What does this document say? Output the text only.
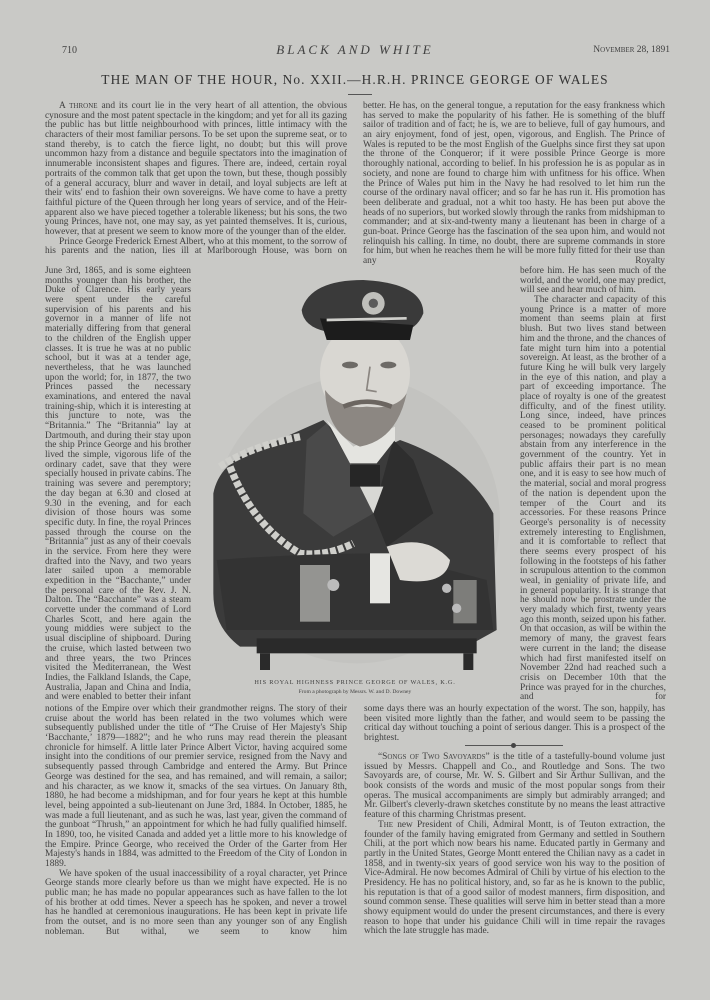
710	BLACK AND WHITE	November 28, 1891
THE MAN OF THE HOUR, No. XXII.—H.R.H. PRINCE GEORGE OF WALES

A throne and its court lie in the very heart of all attention, the obvious cynosure and the most patent spectacle in the kingdom; and yet for all its gazing the public has but little neighbourhood with princes, little intimacy with the characters of their most familiar persons. To be set upon the supreme seat, or to stand thereby, is to catch the fierce light, no doubt; but this will prove uncommon hazy from a distance and beguile spectators into the imagination of innumerable inconsistent shapes and figures. There are, indeed, certain royal portraits of the common talk that get upon the town, but these, though possibly of a general accuracy, blurr and waver in detail, and loyal subjects are left at their wits' end to fashion their own sovereigns. We have come to have a pretty faithful picture of the Queen through her long years of service, and of the Heir-apparent also we have pieced together a tolerable likeness; but his sons, the two young Princes, have not, one may say, as yet painted themselves. It is, curious, however, that at present we seem to know more of the younger than of the elder.

Prince George Frederick Ernest Albert, who at this moment, to the sorrow of his parents and the nation, lies ill at Marlborough House, was born on

June 3rd, 1865, and is some eighteen months younger than his brother, the Duke of Clarence. His early years were spent under the careful supervision of his parents and his governor in a manner of life not materially differing from that general to the children of the English upper classes. It is true he was at no public school, but it was at a tender age, nevertheless, that he was launched upon the world; for, in 1877, the two Princes passed the necessary examinations, and entered the naval training-ship, which it is interesting at this juncture to note, was the “Britannia.” The “Britannia” lay at Dartmouth, and during their stay upon the ship Prince George and his brother lived the simple, vigorous life of the ordinary cadet, save that they were specially housed in private cabins. The training was severe and peremptory; the day began at 6.30 and closed at 9.30 in the evening, and for each division of those hours was some specific duty. In fine, the royal Princes passed through the course on the “Britannia” just as any of their coevals in the service. From here they were drafted into the Navy, and two years later sailed upon a memorable expedition in the “Bacchante,” under the personal care of the Rev. J. N. Dalton. The “Bacchante” was a steam corvette under the command of Lord Charles Scott, and here again the young middies were subject to the usual discipline of shipboard. During the cruise, which lasted between two and three years, the two Princes visited the Mediterranean, the West Indies, the Falkland Islands, the Cape, Australia, Japan and China and India, and were enabled to better their infant

notions of the Empire over which their grandmother reigns. The story of their cruise about the world has been related in the two volumes which were subsequently published under the title of “The Cruise of Her Majesty's Ship ‘Bacchante,’ 1879—1882”; and he who runs may read therein the pleasant chronicle for himself. A little later Prince Albert Victor, having acquired some insight into the conditions of our premier service, resigned from the Navy and subsequently passed through Cambridge and entered the Army. But Prince George was destined for the sea, and has remained, and will remain, a sailor; and his character, as we know it, smacks of the sea virtues. On January 8th, 1880, he had become a midshipman, and for four years he kept at this humble level, being appointed a sub-lieutenant on June 3rd, 1884. In October, 1885, he was made a full lieutenant, and as such he was, last year, given the command of the gunboat “Thrush,” an appointment for which he had fully qualified himself. In 1890, too, he visited Canada and added yet a little more to his knowledge of the Empire. Prince George, who received the Order of the Garter from Her Majesty's hands in 1884, was admitted to the Freedom of the City of London in 1889.

We have spoken of the usual inaccessibility of a royal character, yet Prince George stands more clearly before us than we might have expected. He is no public man; he has made no popular appearances such as have fallen to the lot of his brother at odd times. Never a speech has he spoken, and never a trowel has he handled at ceremonious inaugurations. He has been kept in private life from the outset, and is no more seen than any younger son of any English nobleman. But withal, we seem to know him

better. He has, on the general tongue, a reputation for the easy frankness which has served to make the popularity of his father. He is something of the bluff sailor of tradition and of fact; he is, we are to believe, full of gay humours, and an airy enjoyment, fond of jest, open, vigorous, and English. The Prince of Wales is reputed to be the most English of the Guelphs since first they sat upon the throne of the Conqueror; if it were possible Prince George is more thoroughly national, according to belief. In his profession he is as popular as in society, and none are found to charge him with unfitness for his office. When the Prince of Wales put him in the Navy he had resolved to let him run the course of the ordinary naval officer; and so far he has run it. His promotion has been deliberate and gradual, not a whit too hasty. He has been put above the heads of no superiors, but worked slowly through the ranks from midshipman to commander; and at six-and-twenty many a lieutenant has been in charge of a gun-boat. Prince George has the fascination of the sea upon him, and would not relinquish his calling. In time, no doubt, there are supreme commands in store for him, but when he reaches them he will be more fully fitted for their use than any Royalty

before him. He has seen much of the world, and the world, one may predict, will see and hear much of him.

The character and capacity of this young Prince is a matter of more moment than seems plain at first blush. But two lives stand between him and the throne, and the chances of fate might turn him into a potential sovereign. At least, as the brother of a future King he will bulk very largely in the eye of this nation, and play a part of exceeding importance. The place of royalty is one of the greatest difficulty, and of the finest utility. Long since, indeed, have princes ceased to be prominent political personages; nowadays they carefully abstain from any interference in the government of the country. Yet in public affairs their part is no mean one, and it is easy to see how much of the material, social and moral progress of the nation is dependent upon the temper of the Court and its accessories. For these reasons Prince George's personality is of necessity extremely interesting to Englishmen, and it is comfortable to reflect that there seems every prospect of his following in the footsteps of his father in scrupulous attention to the common weal, in geniality of private life, and in general popularity. It is strange that he should now be prostrate under the very malady which first, twenty years ago this month, seized upon his father. On that occasion, as will be within the memory of many, the gravest fears were current in the land; the disease which had first manifested itself on November 22nd had reached such a crisis on December 10th that the Prince was prayed for in the churches, and for

some days there was an hourly expectation of the worst. The son, happily, has been visited more lightly than the father, and would seem to be passing the critical day without touching a point of serious danger. This is a prospect of the brightest.

“Songs of Two Savoyards” is the title of a tastefully-bound volume just issued by Messrs. Chappell and Co., and Routledge and Sons. The two Savoyards are, of course, Mr. W. S. Gilbert and Sir Arthur Sullivan, and the book consists of the words and music of the most popular songs from their operas. The musical accompaniments are simply but admirably arranged; and Mr. Gilbert's cleverly-drawn sketches constitute by no means the least attractive feature of this charming Christmas present.

The new President of Chili, Admiral Montt, is of Teuton extraction, the founder of the family having emigrated from Germany and settled in Southern Chili, at the port which now bears his name. Educated partly in Germany and partly in the United States, George Montt entered the Chilian navy as a cadet in 1858, and in twenty-six years of good service won his way to the position of Vice-Admiral. He now becomes Admiral of Chili by virtue of his election to the Presidency. He has no political history, and, so far as he is known to the public, his reputation is that of a good sailor of modest manners, firm disposition, and sound common sense. These qualities will serve him in better stead than a more showy equipment would do under the present circumstances, and there is every reason to hope that under his guidance Chili will in time repair the ravages which the late struggle has made.

HIS ROYAL HIGHNESS PRINCE GEORGE OF WALES, K.G.
From a photograph by Messrs. W. and D. Downey
